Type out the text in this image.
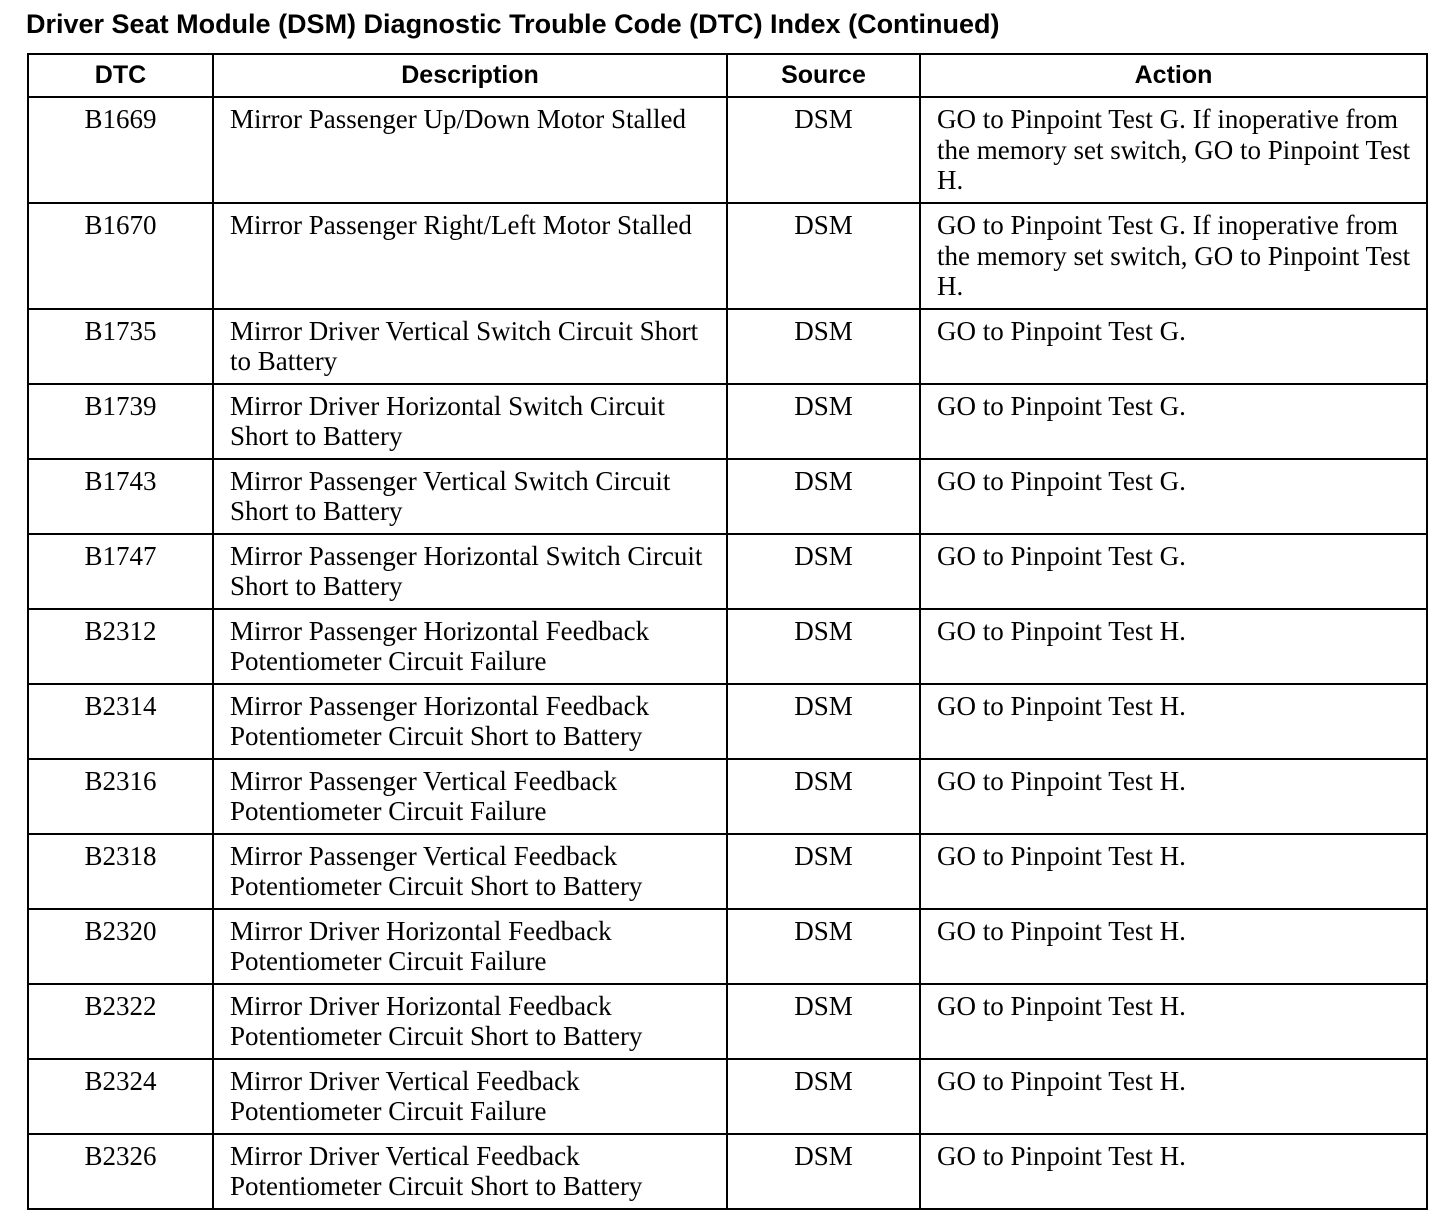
Driver Seat Module (DSM) Diagnostic Trouble Code (DTC) Index (Continued)
DTC	Description	Source	Action
B1669	Mirror Passenger Up/Down Motor Stalled	DSM	GO to Pinpoint Test G. If inoperative from the memory set switch, GO to Pinpoint Test H.
B1670	Mirror Passenger Right/Left Motor Stalled	DSM	GO to Pinpoint Test G. If inoperative from the memory set switch, GO to Pinpoint Test H.
B1735	Mirror Driver Vertical Switch Circuit Short to Battery	DSM	GO to Pinpoint Test G.
B1739	Mirror Driver Horizontal Switch Circuit Short to Battery	DSM	GO to Pinpoint Test G.
B1743	Mirror Passenger Vertical Switch Circuit Short to Battery	DSM	GO to Pinpoint Test G.
B1747	Mirror Passenger Horizontal Switch Circuit Short to Battery	DSM	GO to Pinpoint Test G.
B2312	Mirror Passenger Horizontal Feedback Potentiometer Circuit Failure	DSM	GO to Pinpoint Test H.
B2314	Mirror Passenger Horizontal Feedback Potentiometer Circuit Short to Battery	DSM	GO to Pinpoint Test H.
B2316	Mirror Passenger Vertical Feedback Potentiometer Circuit Failure	DSM	GO to Pinpoint Test H.
B2318	Mirror Passenger Vertical Feedback Potentiometer Circuit Short to Battery	DSM	GO to Pinpoint Test H.
B2320	Mirror Driver Horizontal Feedback Potentiometer Circuit Failure	DSM	GO to Pinpoint Test H.
B2322	Mirror Driver Horizontal Feedback Potentiometer Circuit Short to Battery	DSM	GO to Pinpoint Test H.
B2324	Mirror Driver Vertical Feedback Potentiometer Circuit Failure	DSM	GO to Pinpoint Test H.
B2326	Mirror Driver Vertical Feedback Potentiometer Circuit Short to Battery	DSM	GO to Pinpoint Test H.
